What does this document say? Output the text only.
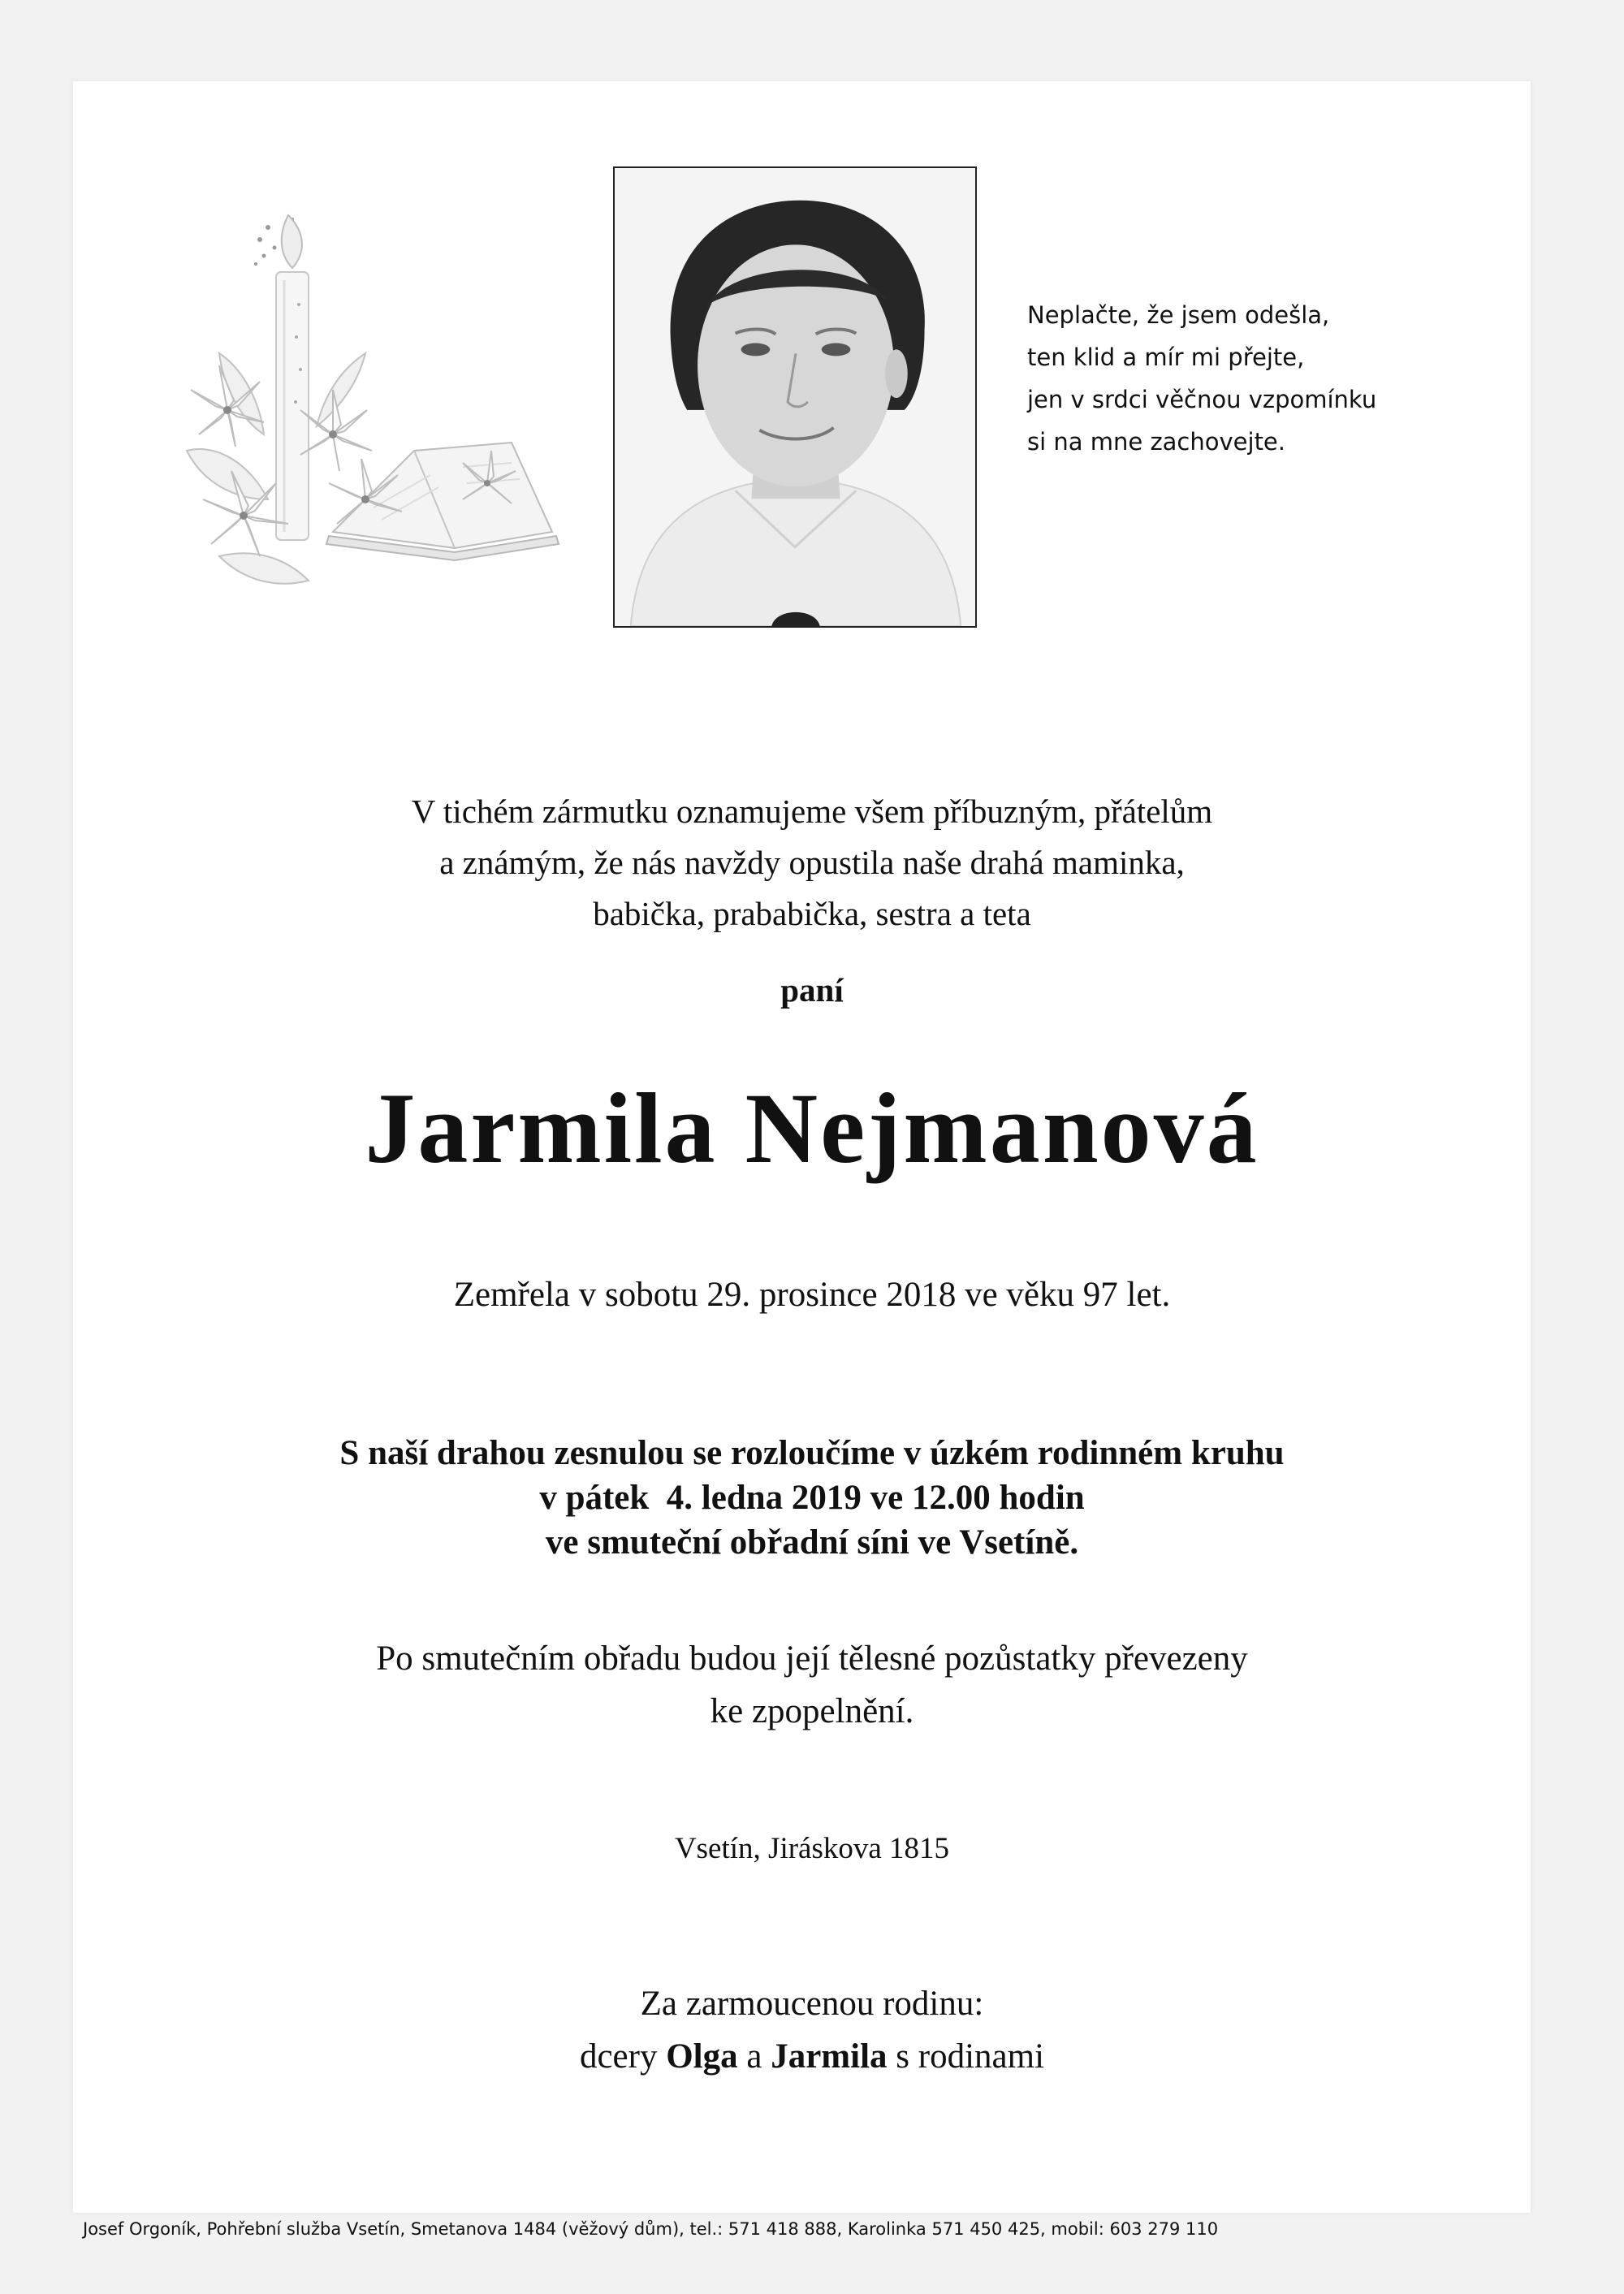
Neplačte, že jsem odešla,
ten klid a mír mi přejte,
jen v srdci věčnou vzpomínku
si na mne zachovejte.
V tichém zármutku oznamujeme všem příbuzným, přátelům
a známým, že nás navždy opustila naše drahá maminka,
babička, prababička, sestra a teta
paní
Jarmila Nejmanová
Zemřela v sobotu 29. prosince 2018 ve věku 97 let.
S naší drahou zesnulou se rozloučíme v úzkém rodinném kruhu
v pátek  4. ledna 2019 ve 12.00 hodin
ve smuteční obřadní síni ve Vsetíně.
Po smutečním obřadu budou její tělesné pozůstatky převezeny
ke zpopelnění.
Vsetín, Jiráskova 1815
Za zarmoucenou rodinu:
dcery Olga a Jarmila s rodinami
Josef Orgoník, Pohřební služba Vsetín, Smetanova 1484 (věžový dům), tel.: 571 418 888, Karolinka 571 450 425, mobil: 603 279 110
